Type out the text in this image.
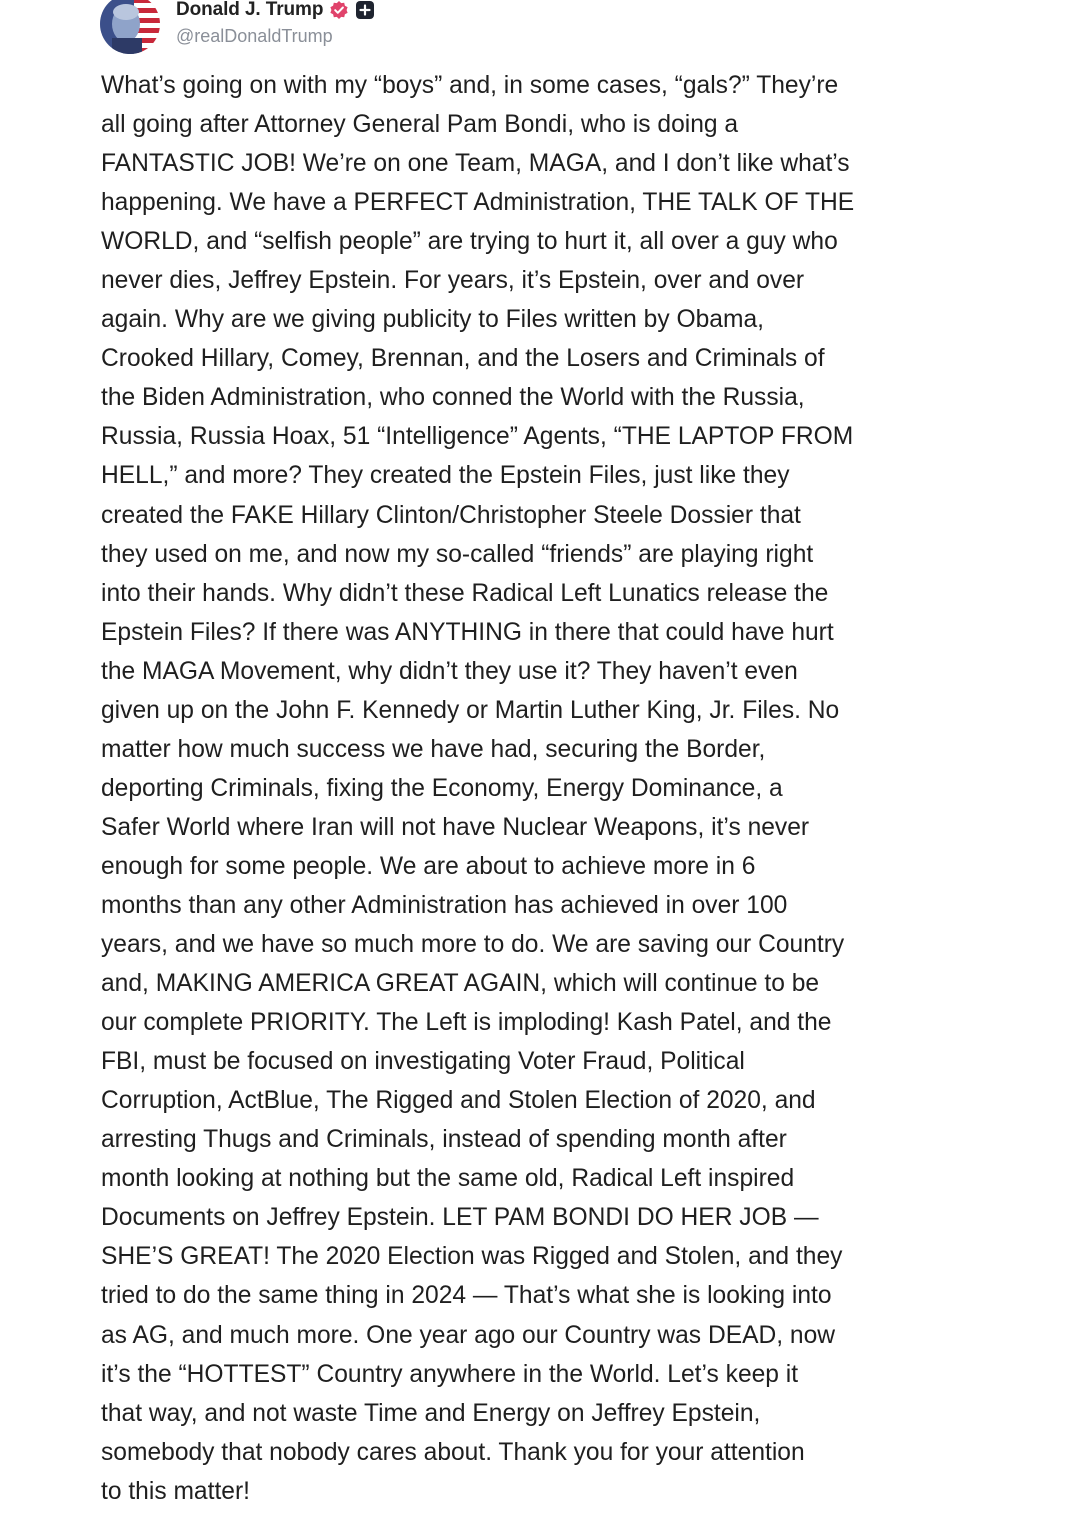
Donald J. Trump
@realDonaldTrump
What’s going on with my “boys” and, in some cases, “gals?” They’re
all going after Attorney General Pam Bondi, who is doing a
FANTASTIC JOB! We’re on one Team, MAGA, and I don’t like what’s
happening. We have a PERFECT Administration, THE TALK OF THE
WORLD, and “selfish people” are trying to hurt it, all over a guy who
never dies, Jeffrey Epstein. For years, it’s Epstein, over and over
again. Why are we giving publicity to Files written by Obama,
Crooked Hillary, Comey, Brennan, and the Losers and Criminals of
the Biden Administration, who conned the World with the Russia,
Russia, Russia Hoax, 51 “Intelligence” Agents, “THE LAPTOP FROM
HELL,” and more? They created the Epstein Files, just like they
created the FAKE Hillary Clinton/Christopher Steele Dossier that
they used on me, and now my so-called “friends” are playing right
into their hands. Why didn’t these Radical Left Lunatics release the
Epstein Files? If there was ANYTHING in there that could have hurt
the MAGA Movement, why didn’t they use it? They haven’t even
given up on the John F. Kennedy or Martin Luther King, Jr. Files. No
matter how much success we have had, securing the Border,
deporting Criminals, fixing the Economy, Energy Dominance, a
Safer World where Iran will not have Nuclear Weapons, it’s never
enough for some people. We are about to achieve more in 6
months than any other Administration has achieved in over 100
years, and we have so much more to do. We are saving our Country
and, MAKING AMERICA GREAT AGAIN, which will continue to be
our complete PRIORITY. The Left is imploding! Kash Patel, and the
FBI, must be focused on investigating Voter Fraud, Political
Corruption, ActBlue, The Rigged and Stolen Election of 2020, and
arresting Thugs and Criminals, instead of spending month after
month looking at nothing but the same old, Radical Left inspired
Documents on Jeffrey Epstein. LET PAM BONDI DO HER JOB —
SHE’S GREAT! The 2020 Election was Rigged and Stolen, and they
tried to do the same thing in 2024 — That’s what she is looking into
as AG, and much more. One year ago our Country was DEAD, now
it’s the “HOTTEST” Country anywhere in the World. Let’s keep it
that way, and not waste Time and Energy on Jeffrey Epstein,
somebody that nobody cares about. Thank you for your attention
to this matter!
